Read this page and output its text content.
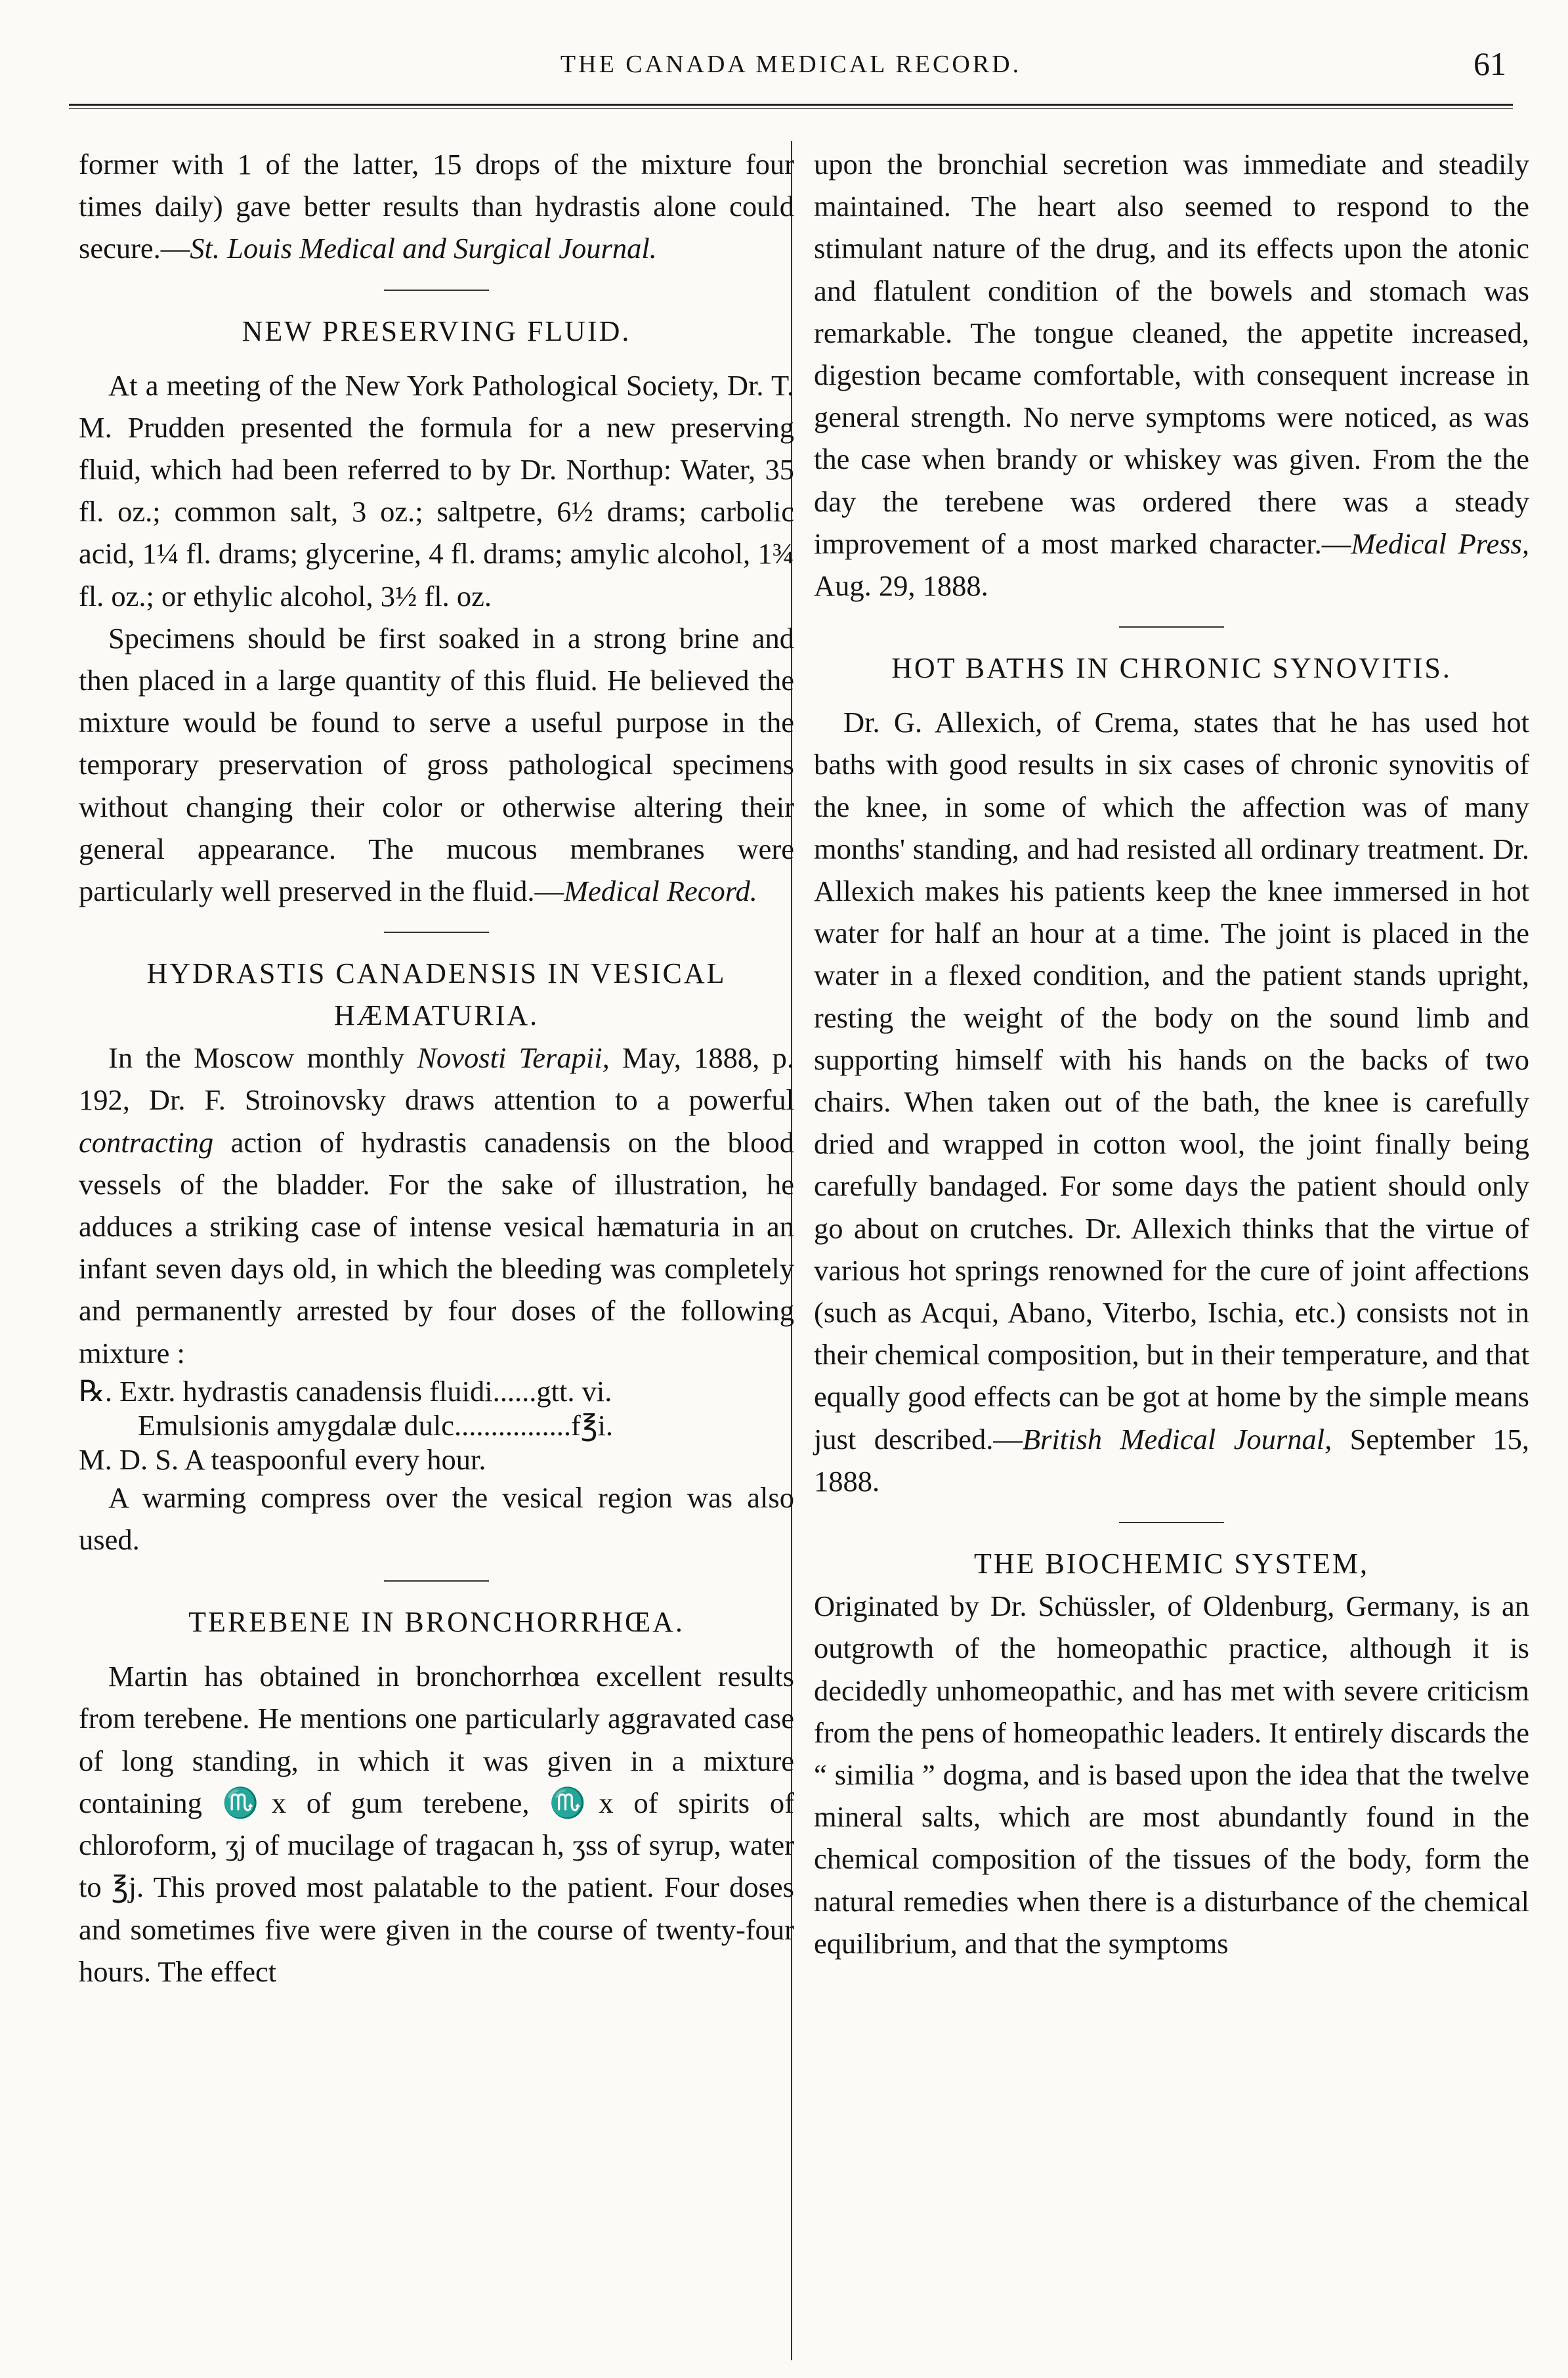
THE CANADA MEDICAL RECORD.	61

former with 1 of the latter, 15 drops of the mixture four times daily) gave better results than hydrastis alone could secure.—St. Louis Medical and Surgical Journal.

NEW PRESERVING FLUID.

At a meeting of the New York Pathological Society, Dr. T. M. Prudden presented the formula for a new preserving fluid, which had been referred to by Dr. Northup: Water, 35 fl. oz.; common salt, 3 oz.; saltpetre, 6½ drams; carbolic acid, 1¼ fl. drams; glycerine, 4 fl. drams; amylic alcohol, 1¾ fl. oz.; or ethylic alcohol, 3½ fl. oz.

Specimens should be first soaked in a strong brine and then placed in a large quantity of this fluid. He believed the mixture would be found to serve a useful purpose in the temporary preservation of gross pathological specimens without changing their color or otherwise altering their general appearance. The mucous membranes were particularly well preserved in the fluid.—Medical Record.

HYDRASTIS CANADENSIS IN VESICAL
HÆMATURIA.

In the Moscow monthly Novosti Terapii, May, 1888, p. 192, Dr. F. Stroinovsky draws attention to a powerful contracting action of hydrastis canadensis on the blood vessels of the bladder. For the sake of illustration, he adduces a striking case of intense vesical hæmaturia in an infant seven days old, in which the bleeding was completely and permanently arrested by four doses of the following mixture :

℞. Extr. hydrastis canadensis fluidi......gtt. vi.

Emulsionis amygdalæ dulc................f℥i.

M. D. S. A teaspoonful every hour.

A warming compress over the vesical region was also used.

TEREBENE IN BRONCHORRHŒA.

Martin has obtained in bronchorrhœa excellent results from terebene. He mentions one particularly aggravated case of long standing, in which it was given in a mixture containing ♏x of gum terebene, ♏x of spirits of chloroform, ʒj of mucilage of tragacan h, ʒss of syrup, water to ℥j. This proved most palatable to the patient. Four doses and sometimes five were given in the course of twenty-four hours. The effect

upon the bronchial secretion was immediate and steadily maintained. The heart also seemed to respond to the stimulant nature of the drug, and its effects upon the atonic and flatulent condition of the bowels and stomach was remarkable. The tongue cleaned, the appetite increased, digestion became comfortable, with consequent increase in general strength. No nerve symptoms were noticed, as was the case when brandy or whiskey was given. From the the day the terebene was ordered there was a steady improvement of a most marked character.—Medical Press, Aug. 29, 1888.

HOT BATHS IN CHRONIC SYNOVITIS.

Dr. G. Allexich, of Crema, states that he has used hot baths with good results in six cases of chronic synovitis of the knee, in some of which the affection was of many months' standing, and had resisted all ordinary treatment. Dr. Allexich makes his patients keep the knee immersed in hot water for half an hour at a time. The joint is placed in the water in a flexed condition, and the patient stands upright, resting the weight of the body on the sound limb and supporting himself with his hands on the backs of two chairs. When taken out of the bath, the knee is carefully dried and wrapped in cotton wool, the joint finally being carefully bandaged. For some days the patient should only go about on crutches. Dr. Allexich thinks that the virtue of various hot springs renowned for the cure of joint affections (such as Acqui, Abano, Viterbo, Ischia, etc.) consists not in their chemical composition, but in their temperature, and that equally good effects can be got at home by the simple means just described.—British Medical Journal, September 15, 1888.

THE BIOCHEMIC SYSTEM,

Originated by Dr. Schüssler, of Oldenburg, Germany, is an outgrowth of the homeopathic practice, although it is decidedly unhomeopathic, and has met with severe criticism from the pens of homeopathic leaders. It entirely discards the “ similia ” dogma, and is based upon the idea that the twelve mineral salts, which are most abundantly found in the chemical composition of the tissues of the body, form the natural remedies when there is a disturbance of the chemical equilibrium, and that the symptoms
